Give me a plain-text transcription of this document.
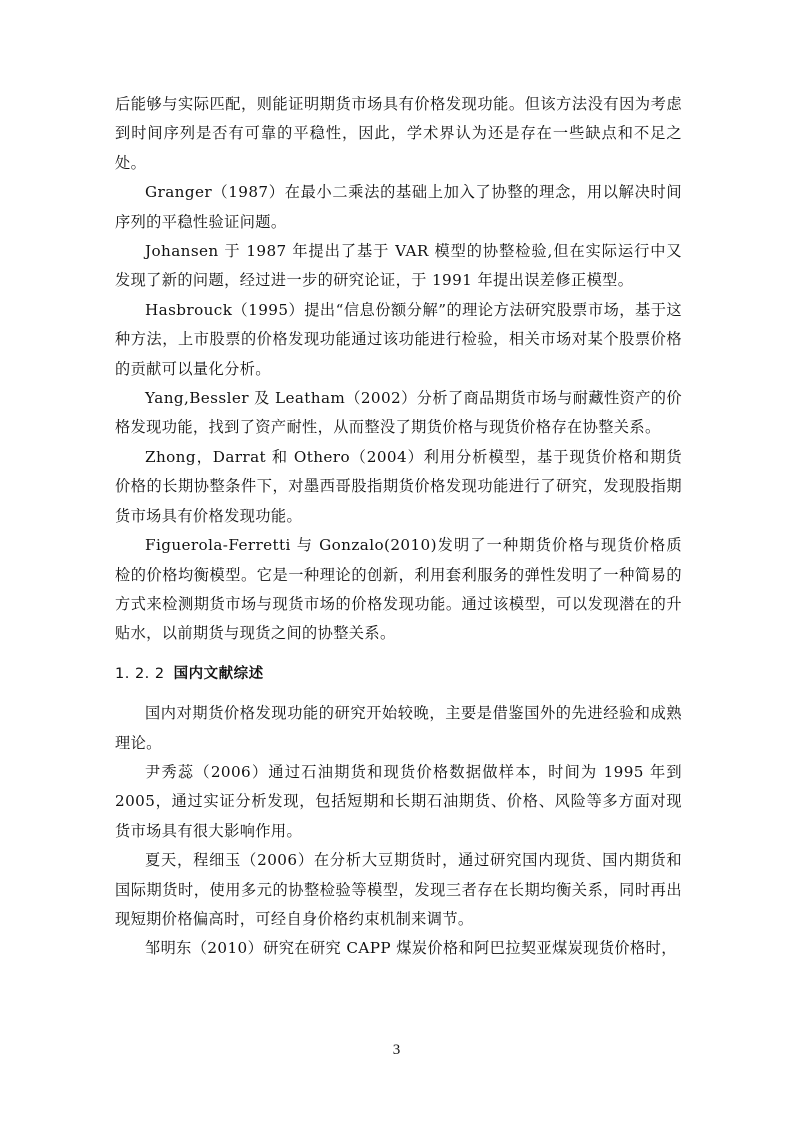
后能够与实际匹配，则能证明期货市场具有价格发现功能。但该方法没有因为考虑到时间序列是否有可靠的平稳性，因此，学术界认为还是存在一些缺点和不足之处。

Granger（1987）在最小二乘法的基础上加入了协整的理念，用以解决时间序列的平稳性验证问题。

Johansen 于 1987 年提出了基于 VAR 模型的协整检验,但在实际运行中又发现了新的问题，经过进一步的研究论证，于 1991 年提出误差修正模型。

Hasbrouck（1995）提出“信息份额分解”的理论方法研究股票市场，基于这种方法，上市股票的价格发现功能通过该功能进行检验，相关市场对某个股票价格的贡献可以量化分析。

Yang,Bessler 及 Leatham（2002）分析了商品期货市场与耐藏性资产的价格发现功能，找到了资产耐性，从而整没了期货价格与现货价格存在协整关系。

Zhong，Darrat 和 Othero（2004）利用分析模型，基于现货价格和期货价格的长期协整条件下，对墨西哥股指期货价格发现功能进行了研究，发现股指期货市场具有价格发现功能。

Figuerola-Ferretti 与 Gonzalo(2010)发明了一种期货价格与现货价格质检的价格均衡模型。它是一种理论的创新，利用套利服务的弹性发明了一种简易的方式来检测期货市场与现货市场的价格发现功能。通过该模型，可以发现潜在的升贴水，以前期货与现货之间的协整关系。

1. 2. 2 国内文献综述

国内对期货价格发现功能的研究开始较晚，主要是借鉴国外的先进经验和成熟理论。

尹秀蕊（2006）通过石油期货和现货价格数据做样本，时间为 1995 年到 2005，通过实证分析发现，包括短期和长期石油期货、价格、风险等多方面对现货市场具有很大影响作用。

夏天，程细玉（2006）在分析大豆期货时，通过研究国内现货、国内期货和国际期货时，使用多元的协整检验等模型，发现三者存在长期均衡关系，同时再出现短期价格偏高时，可经自身价格约束机制来调节。

邹明东（2010）研究在研究 CAPP 煤炭价格和阿巴拉契亚煤炭现货价格时，

3
